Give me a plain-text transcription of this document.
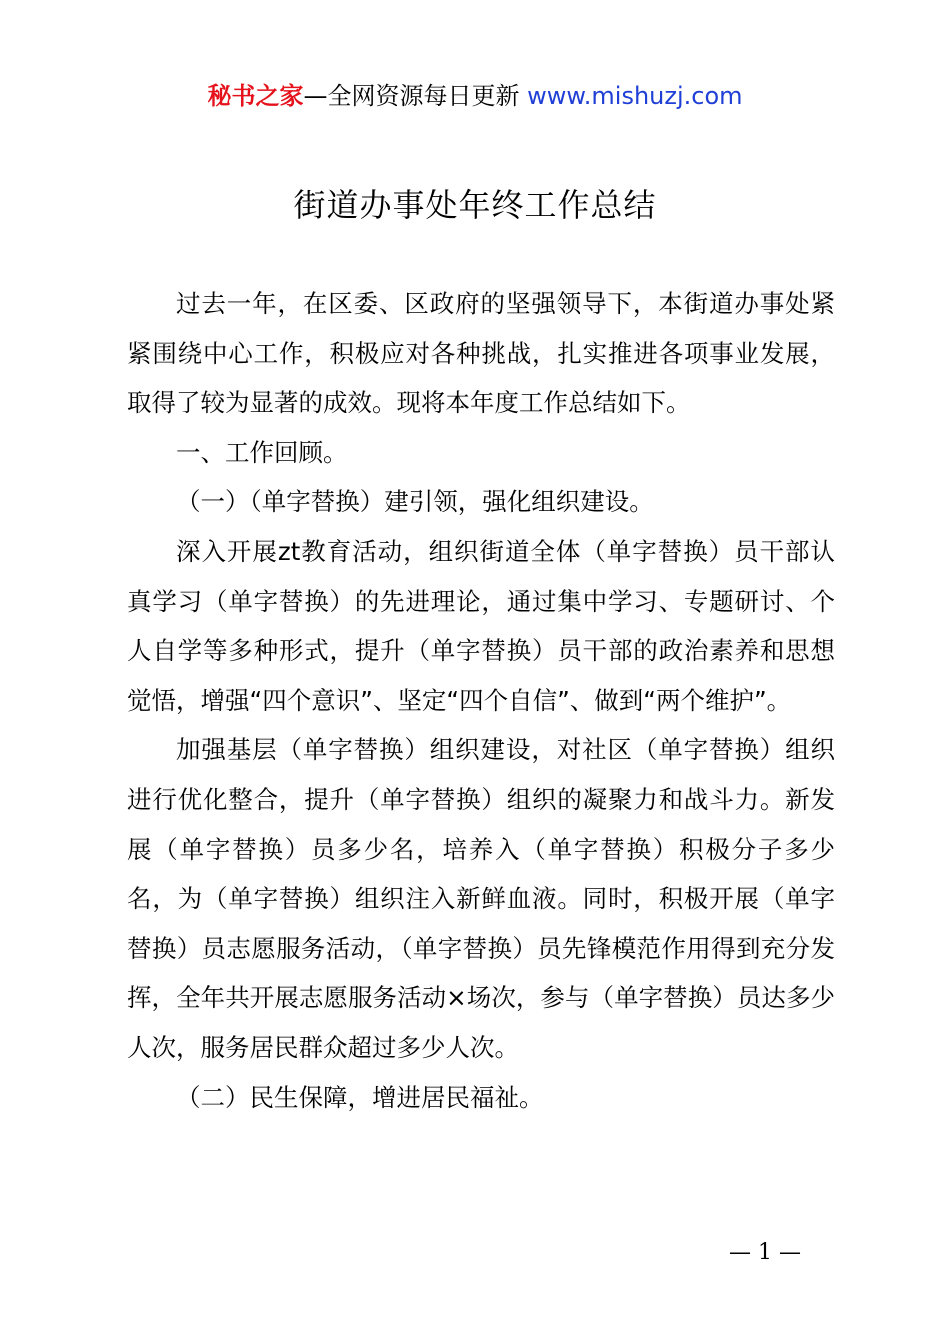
秘书之家—全网资源每日更新 www.mishuzj.com
街道办事处年终工作总结

过去一年，在区委、区政府的坚强领导下，本街道办事处紧紧围绕中心工作，积极应对各种挑战，扎实推进各项事业发展，取得了较为显著的成效。现将本年度工作总结如下。

一、工作回顾。

（一）（单字替换）建引领，强化组织建设。

深入开展zt教育活动，组织街道全体（单字替换）员干部认真学习（单字替换）的先进理论，通过集中学习、专题研讨、个人自学等多种形式，提升（单字替换）员干部的政治素养和思想觉悟，增强“四个意识”、坚定“四个自信”、做到“两个维护”。

加强基层（单字替换）组织建设，对社区（单字替换）组织进行优化整合，提升（单字替换）组织的凝聚力和战斗力。新发展（单字替换）员多少名，培养入（单字替换）积极分子多少名，为（单字替换）组织注入新鲜血液。同时，积极开展（单字替换）员志愿服务活动，（单字替换）员先锋模范作用得到充分发挥，全年共开展志愿服务活动×场次，参与（单字替换）员达多少人次，服务居民群众超过多少人次。

（二）民生保障，增进居民福祉。

— 1 —
